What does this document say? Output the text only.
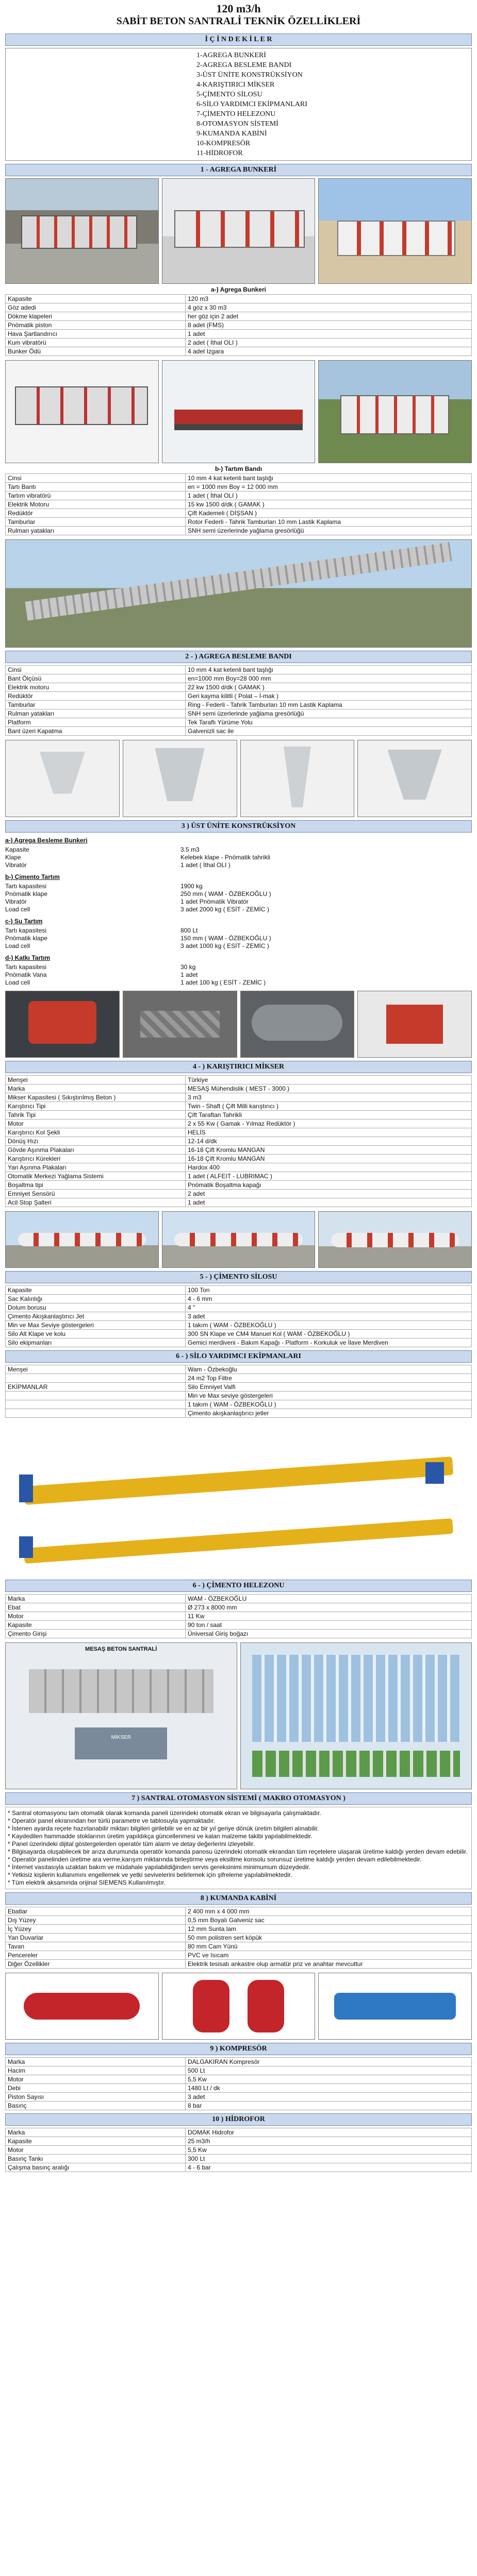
120 m3/h
SABİT BETON SANTRALİ TEKNİK ÖZELLİKLERİ
İ Ç İ N D E K İ L E R
1-AGREGA BUNKERİ
2-AGREGA BESLEME BANDI
3-ÜST ÜNİTE KONSTRÜKSİYON
4-KARIŞTIRICI MİKSER
5-ÇİMENTO SİLOSU
6-SİLO YARDIMCI EKİPMANLARI
7-ÇİMENTO HELEZONU
8-OTOMASYON SİSTEMİ
9-KUMANDA KABİNİ
10-KOMPRESÖR
11-HİDROFOR
1 - AGREGA BUNKERİ
a-) Agrega Bunkeri
Kapasite	120 m3
Göz adedi	4 göz x 30 m3
Dökme klapeleri	her göz için 2 adet
Pnömatik piston	8 adet (FMS)
Hava Şartlandırıcı	1 adet
Kum vibratörü	2 adet ( İthal OLI )
Bunker Ödü	4 adet Izgara
b-) Tartım Bandı
Cinsi	10 mm 4 kat ketenli bant taşlığı
Tartı Bantı	en = 1000 mm Boy = 12 000 mm
Tartım vibratörü	1 adet ( İthal OLI )
Elektrik Motoru	15 kw 1500 d/dk ( GAMAK )
Redüktör	Çift Kademeli ( DİŞSAN )
Tamburlar	Rotor Federli - Tahrik Tamburları 10 mm Lastik Kaplama
Rulman yatakları	SNH semi üzerlerinde yağlama gresörlüğü
2 - ) AGREGA BESLEME BANDI
Cinsi	10 mm 4 kat ketenli bant taşlığı
Bant Ölçüsü	en=1000 mm Boy=28 000 mm
Elektrik motoru	22 kw 1500 d/dk ( GAMAK )
Redüktör	Geri kayma kilitli ( Polat – İ-mak )
Tamburlar	Ring - Federli - Tahrik Tamburları 10 mm Lastik Kaplama
Rulman yatakları	SNH semi üzerlerinde yağlama gresörlüğü
Platform	Tek Taraflı Yürüme Yolu
Bant üzeri Kapatma	Galvenizli sac ile
3 ) ÜST ÜNİTE KONSTRÜKSİYON
a-) Agrega Besleme Bunkeri
Kapasite	3.5 m3
Klape	Kelebek klape - Pnömatik tahrikli
Vibratör	1 adet ( İthal OLI )
b-) Çimento Tartım
Tartı kapasitesi	1900 kg
Pnömatik klape	250 mm ( WAM - ÖZBEKOĞLU )
Vibratör	1 adet Pnömatik Vibratör
Load cell	3 adet 2000 kg ( ESİT - ZEMİC )
c-) Su Tartım
Tartı kapasitesi	800 Lt
Pnömatik klape	150 mm ( WAM - ÖZBEKOĞLU )
Load cell	3 adet 1000 kg ( ESİT - ZEMİC )
d-) Katkı Tartım
Tartı kapasitesi	30 kg
Pnömatik Vana	1 adet
Load cell	1 adet 100 kg ( ESİT - ZEMİC )
4 - ) KARIŞTIRICI MİKSER
Menşei	Türkiye
Marka	MESAŞ Mühendislik ( MEST - 3000 )
Mikser Kapasitesi ( Sıkıştırılmış Beton )	3 m3
Karıştırıcı Tipi	Twin - Shaft ( Çift Milli karıştırıcı )
Tahrik Tipi	Çift Taraftan Tahrikli
Motor	2 x 55 Kw ( Gamak - Yılmaz Redüktör )
Karıştırıcı Kol Şekli	HELİS
Dönüş Hızı	12-14 d/dk
Gövde Aşınma Plakaları	16-18 Çift Kromlu MANGAN
Karıştırıcı Kürekleri	16-18 Çift Kromlu MANGAN
Yan Aşınma Plakaları	Hardox 400
Otomatik Merkezi Yağlama Sistemi	1 adet ( ALFEIT - LUBRIMAC )
Boşaltma tipi	Pnömatik Boşaltma kapağı
Emniyet Sensörü	2 adet
Acil Stop Şalteri	1 adet
5 - ) ÇİMENTO SİLOSU
Kapasite	100 Ton
Sac Kalınlığı	4 - 6 mm
Dolum borusu	4 "
Çimento Akışkanlaştırıcı Jet	3 adet
Min ve Max Seviye göstergeleri	1 takım ( WAM - ÖZBEKOĞLU )
Silo Alt Klape ve kolu	300 SN Klape ve CM4 Manuel Kol ( WAM - ÖZBEKOĞLU )
Silo ekipmanları	Gemici merdiveni - Bakım Kapağı - Platform - Korkuluk ve İlave Merdiven
6 - ) SİLO YARDIMCI EKİPMANLARI
Menşei	Wam - Özbekoğlu
	24 m2 Top Filtre
EKİPMANLAR	Silo Emniyet Valfi
	Min ve Max seviye göstergeleri
	1 takım ( WAM - ÖZBEKOĞLU )
	Çimento akışkanlaştırıcı jetler
6 - ) ÇİMENTO HELEZONU
Marka	WAM - ÖZBEKOĞLU
Ebat	Ø 273 x 8000 mm
Motor	11 Kw
Kapasite	90 ton / saat
Çimento Girişi	Üniversal Giriş boğazı
MESAŞ BETON SANTRALİ
MİKSER
7 ) SANTRAL OTOMASYON SİSTEMİ ( MAKRO OTOMASYON )
* Santral otomasyonu tam otomatik olarak komanda paneli üzerindeki otomatik ekran ve bilgisayarla çalışmaktadır.
* Operatör panel ekranından her türlü parametre ve tablosuyla yapmaktadır.
* İstenen ayarda reçete hazırlanabilir miktarı bilgileri girilebilir ve en az bir yıl geriye dönük üretim bilgileri alınabilir.
* Kaydedilen hammadde stoklarının üretim yapıldıkça güncellenmesi ve kalan malzeme takibi yapılabilmektedir.
* Panel üzerindeki dijital göstergelerden operatör tüm alarm ve detay değerlerini izleyebilir.
* Bilgisayarda oluşabilecek bir arıza durumunda operatör komanda panosu üzerindeki otomatik ekrandan tüm reçetelere ulaşarak üretime kaldığı yerden devam edebilir.
* Operatör panelinden üretime ara verme,karışım miktarında birleştirme veya eksiltme konsolu sorunsuz üretime kaldığı yerden devam edilebilmektedir.
* İnternet vasıtasıyla uzaktan bakım ve müdahale yapılabildiğinden servis gereksinimi minimumum düzeydedir.
* Yetkisiz kişilerin kullanımını engellemek ve yetki sevivelerini belirlemek için şifreleme yapılabilmektedir.
* Tüm elektrik aksamında orijinal SIEMENS Kullanılmıştır.
8 ) KUMANDA KABİNİ
Ebatlar	2 400 mm x 4 000 mm
Dış Yüzey	0,5 mm Boyalı Galveniz sac
İç Yüzey	12 mm Sunta lam
Yan Duvarlar	50 mm polistren sert köpük
Tavan	80 mm Cam Yünü
Pencereler	PVC ve Isıcam
Diğer Özellikler	Elektrik tesisatı ankastre olup armatür priz ve anahtar mevcuttur
9 ) KOMPRESÖR
Marka	DALGAKIRAN Kompresör
Hacim	500 Lt
Motor	5,5 Kw
Debi	1480 Lt / dk
Piston Sayısı	3 adet
Basınç	8 bar
10 ) HİDROFOR
Marka	DOMAK Hidrofor
Kapasite	25 m3/h
Motor	5,5 Kw
Basınç Tankı	300 Lt
Çalışma basınç aralığı	4 - 6 bar
